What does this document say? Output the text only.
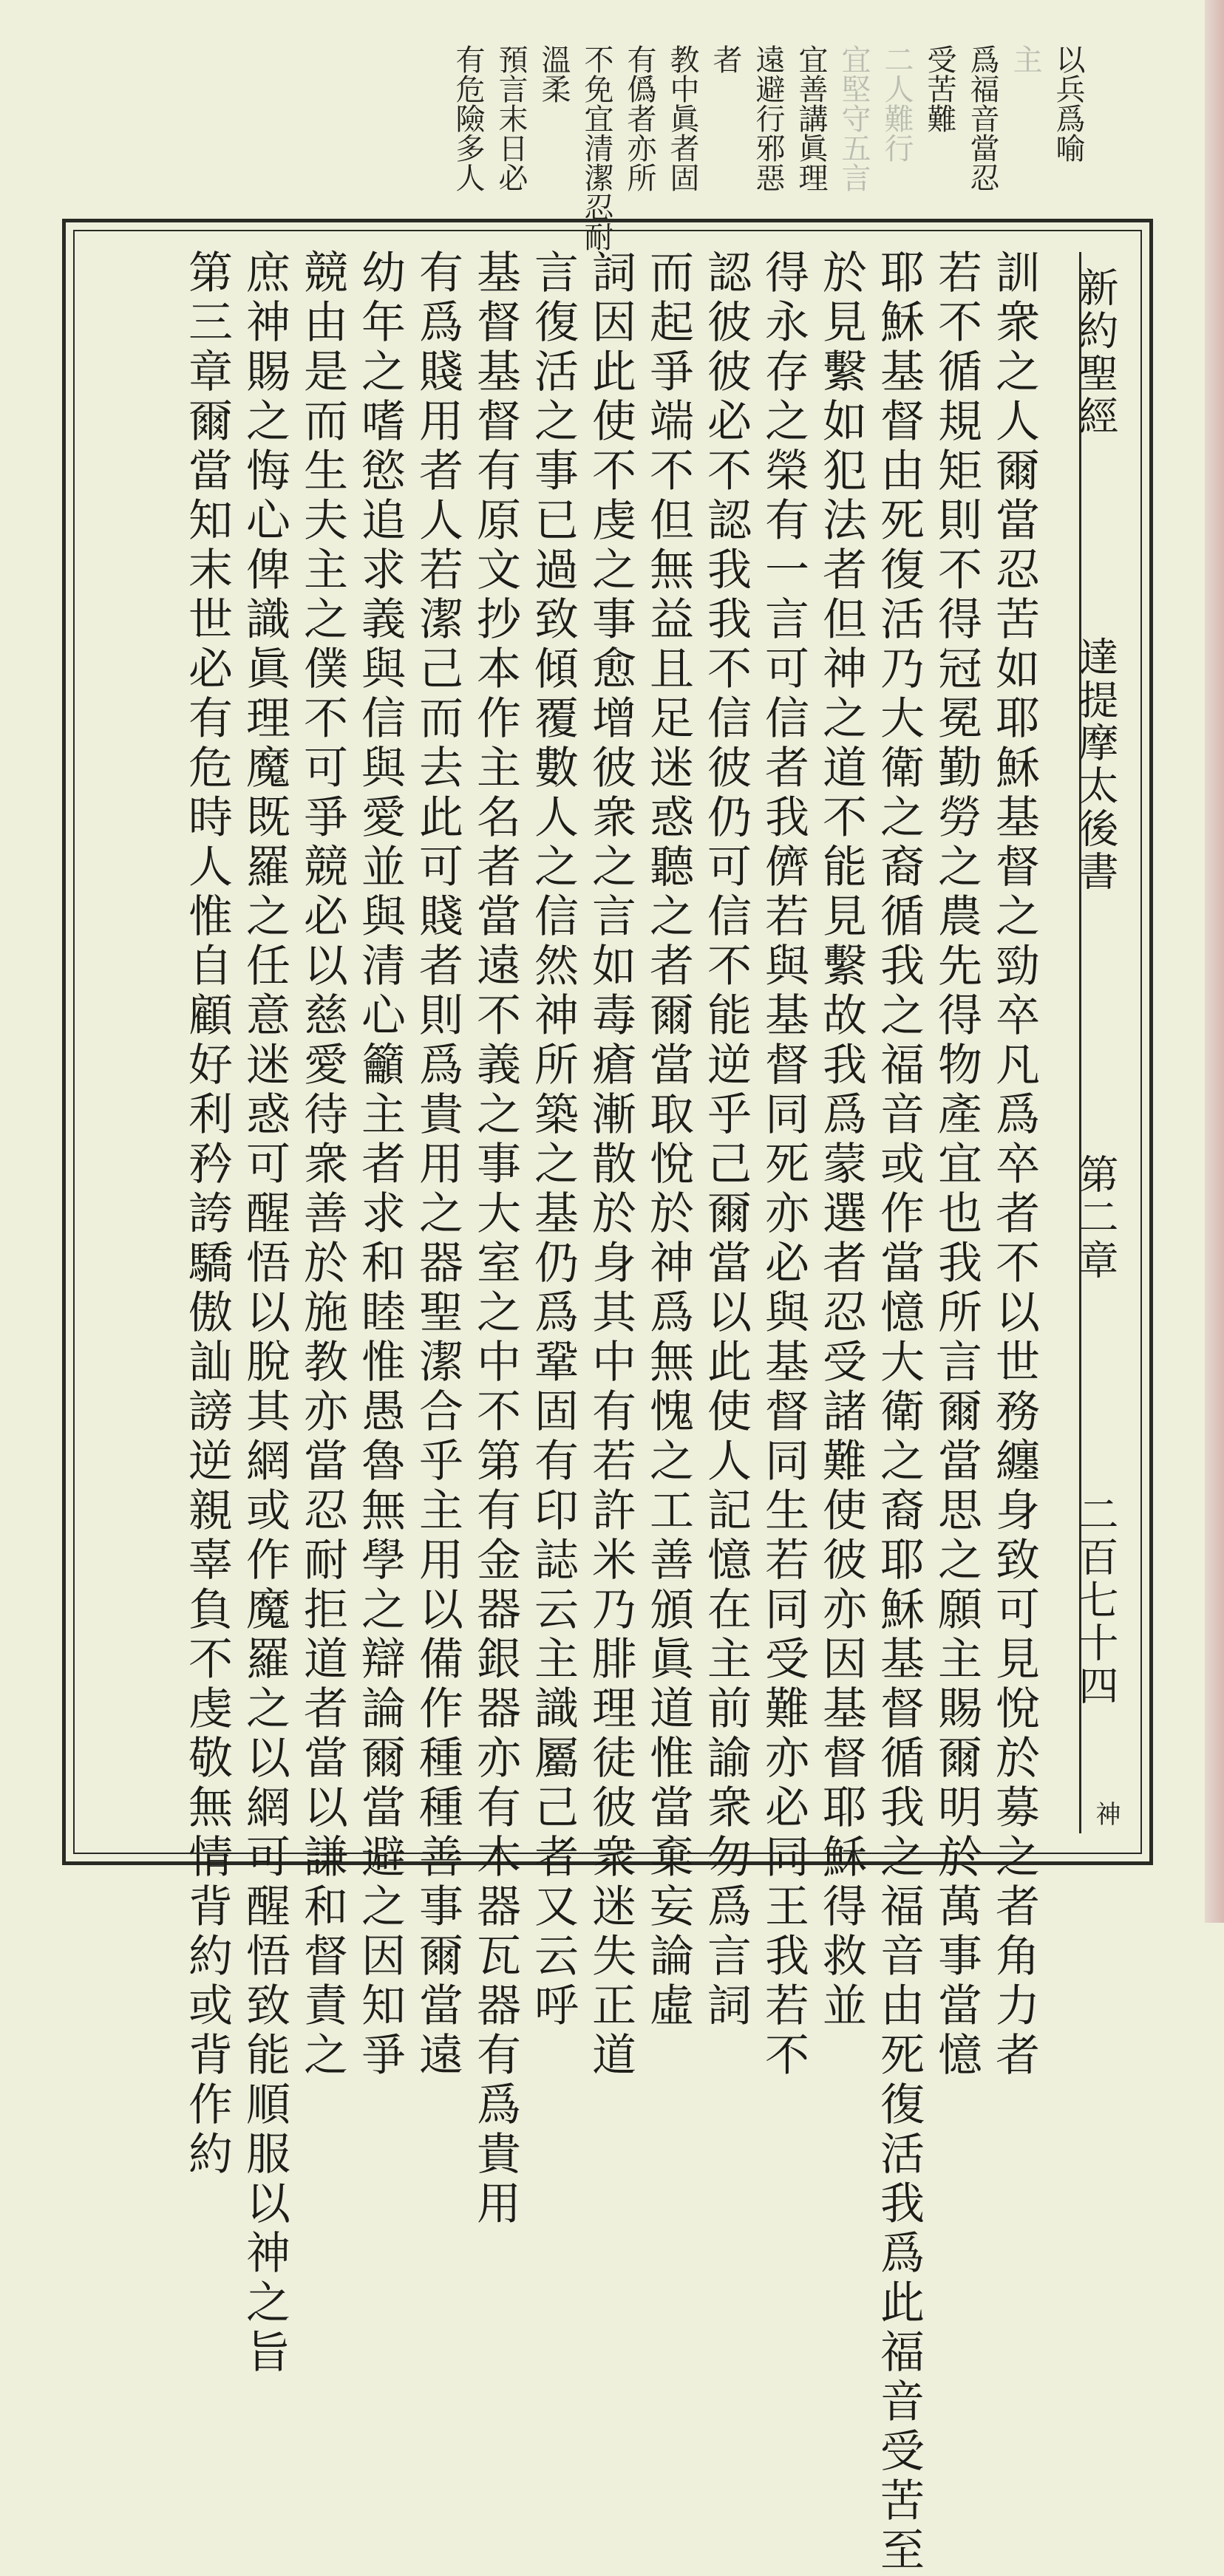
以兵爲喻
主
爲福音當忍
受苦難
二人難行
宜堅守五言
宜善講眞理
遠避行邪惡
者
教中眞者固
有僞者亦所
不免宜清潔忍耐
溫柔
預言末日必
有危險多人
新約聖經
達提摩太後書
第二章
二百七十四
神
訓衆之人爾當忍苦如耶穌基督之勁卒凡爲卒者不以世務纏身致可見悅於募之者角力者
若不循規矩則不得冠冕勤勞之農先得物產宜也我所言爾當思之願主賜爾明於萬事當憶
耶穌基督由死復活乃大衛之裔循我之福音或作當憶大衛之裔耶穌基督循我之福音由死復活我爲此福音受苦至
於見繫如犯法者但神之道不能見繫故我爲蒙選者忍受諸難使彼亦因基督耶穌得救並
得永存之榮有一言可信者我儕若與基督同死亦必與基督同生若同受難亦必同王我若不
認彼彼必不認我我不信彼仍可信不能逆乎己爾當以此使人記憶在主前諭衆勿爲言詞
而起爭端不但無益且足迷惑聽之者爾當取悅於神爲無愧之工善頒眞道惟當棄妄論虛
詞因此使不虔之事愈增彼衆之言如毒瘡漸散於身其中有若許米乃腓理徒彼衆迷失正道
言復活之事已過致傾覆數人之信然神所築之基仍爲鞏固有印誌云主識屬己者又云呼
基督基督有原文抄本作主名者當遠不義之事大室之中不第有金器銀器亦有木器瓦器有爲貴用
有爲賤用者人若潔己而去此可賤者則爲貴用之器聖潔合乎主用以備作種種善事爾當遠
幼年之嗜慾追求義與信與愛並與清心籲主者求和睦惟愚魯無學之辯論爾當避之因知爭
競由是而生夫主之僕不可爭競必以慈愛待衆善於施教亦當忍耐拒道者當以謙和督責之
庶神賜之悔心俾識眞理魔既羅之任意迷惑可醒悟以脫其網或作魔羅之以網可醒悟致能順服以神之旨
第三章爾當知末世必有危時人惟自顧好利矜誇驕傲訕謗逆親辜負不虔敬無情背約或背作約
